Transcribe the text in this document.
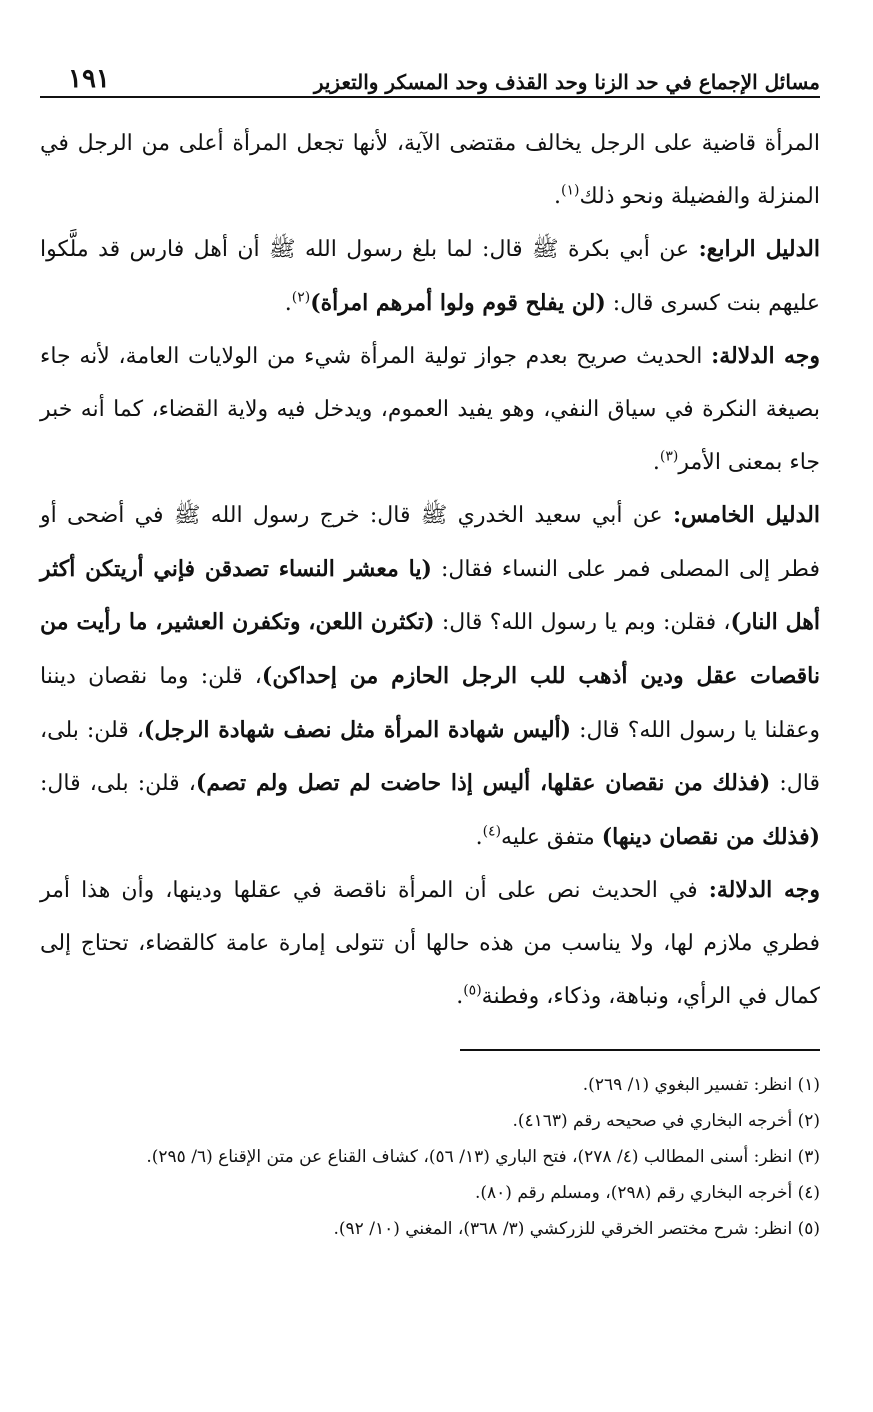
مسائل الإجماع في حد الزنا وحد القذف وحد المسكر والتعزير
١٩١

المرأة قاضية على الرجل يخالف مقتضى الآية، لأنها تجعل المرأة أعلى من الرجل في المنزلة والفضيلة ونحو ذلك$^{(١)}$.

الدليل الرابع: عن أبي بكرة ﷺ قال: لما بلغ رسول الله ﷺ أن أهل فارس قد ملَّكوا عليهم بنت كسرى قال: (لن يفلح قوم ولوا أمرهم امرأة)$^{(٢)}$.

وجه الدلالة: الحديث صريح بعدم جواز تولية المرأة شيء من الولايات العامة، لأنه جاء بصيغة النكرة في سياق النفي، وهو يفيد العموم، ويدخل فيه ولاية القضاء، كما أنه خبر جاء بمعنى الأمر$^{(٣)}$.

الدليل الخامس: عن أبي سعيد الخدري ﷺ قال: خرج رسول الله ﷺ في أضحى أو فطر إلى المصلى فمر على النساء فقال: (يا معشر النساء تصدقن فإني أريتكن أكثر أهل النار)، فقلن: وبم يا رسول الله؟ قال: (تكثرن اللعن، وتكفرن العشير، ما رأيت من ناقصات عقل ودين أذهب للب الرجل الحازم من إحداكن)، قلن: وما نقصان ديننا وعقلنا يا رسول الله؟ قال: (أليس شهادة المرأة مثل نصف شهادة الرجل)، قلن: بلى، قال: (فذلك من نقصان عقلها، أليس إذا حاضت لم تصل ولم تصم)، قلن: بلى، قال: (فذلك من نقصان دينها) متفق عليه$^{(٤)}$.

وجه الدلالة: في الحديث نص على أن المرأة ناقصة في عقلها ودينها، وأن هذا أمر فطري ملازم لها، ولا يناسب من هذه حالها أن تتولى إمارة عامة كالقضاء، تحتاج إلى كمال في الرأي، ونباهة، وذكاء، وفطنة$^{(٥)}$.

(١) انظر: تفسير البغوي (١/ ٢٦٩).

(٢) أخرجه البخاري في صحيحه رقم (٤١٦٣).

(٣) انظر: أسنى المطالب (٤/ ٢٧٨)، فتح الباري (١٣/ ٥٦)، كشاف القناع عن متن الإقناع (٦/ ٢٩٥).

(٤) أخرجه البخاري رقم (٢٩٨)، ومسلم رقم (٨٠).

(٥) انظر: شرح مختصر الخرقي للزركشي (٣/ ٣٦٨)، المغني (١٠/ ٩٢).
